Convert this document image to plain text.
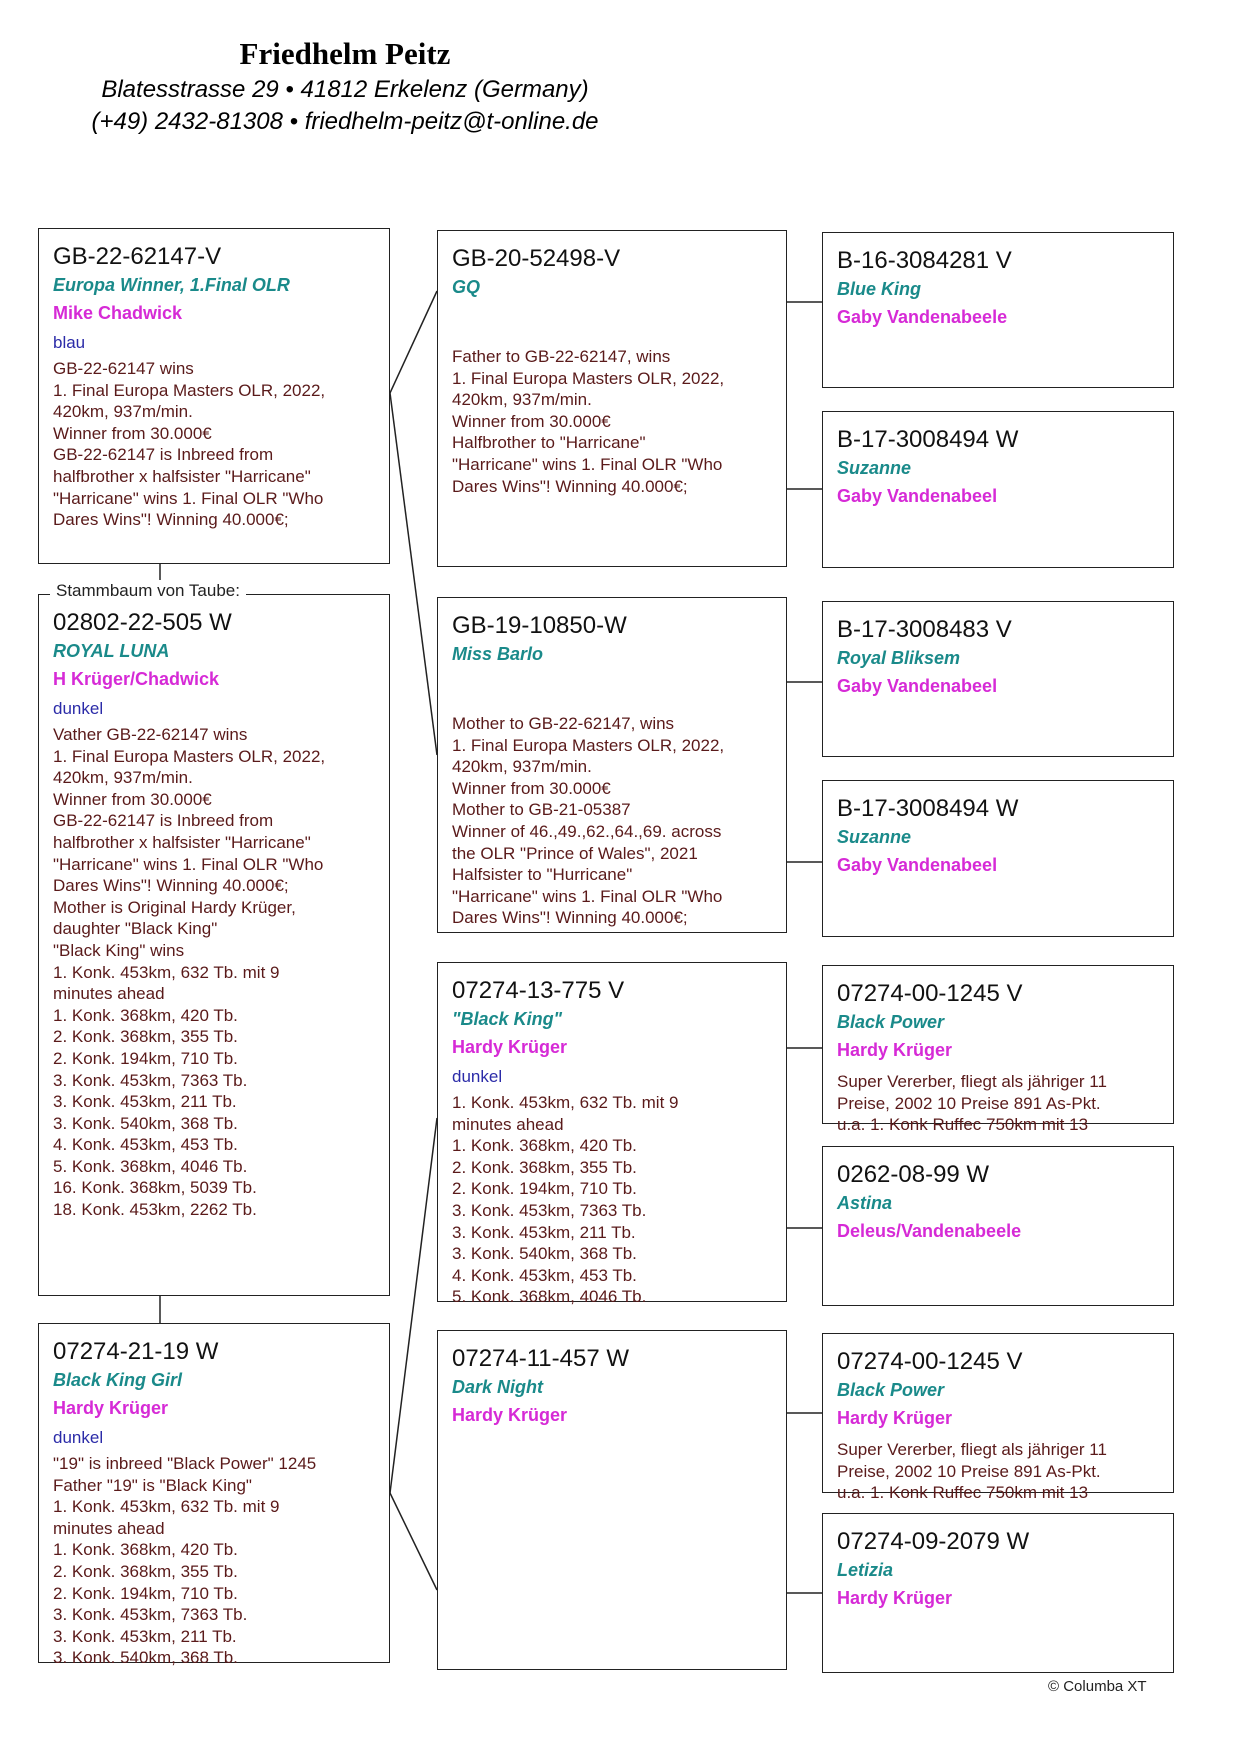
Friedhelm Peitz
Blatesstrasse 29 • 41812 Erkelenz (Germany)
(+49) 2432-81308 • friedhelm-peitz@t-online.de
GB-22-62147-V
Europa Winner, 1.Final OLR
Mike Chadwick
blau
GB-22-62147 wins
1. Final Europa Masters OLR, 2022,
420km, 937m/min.
Winner from 30.000€
GB-22-62147 is Inbreed from
halfbrother x halfsister "Harricane"
"Harricane" wins 1. Final OLR "Who
Dares Wins"! Winning 40.000€;
02802-22-505 W
ROYAL LUNA
H Krüger/Chadwick
dunkel
Vather GB-22-62147 wins
1. Final Europa Masters OLR, 2022,
420km, 937m/min.
Winner from 30.000€
GB-22-62147 is Inbreed from
halfbrother x halfsister "Harricane"
"Harricane" wins 1. Final OLR "Who
Dares Wins"! Winning 40.000€;
Mother is Original Hardy Krüger,
daughter "Black King"
"Black King" wins
1. Konk. 453km, 632 Tb. mit 9
minutes ahead
1. Konk. 368km, 420 Tb.
2. Konk. 368km, 355 Tb.
2. Konk. 194km, 710 Tb.
3. Konk. 453km, 7363 Tb.
3. Konk. 453km, 211 Tb.
3. Konk. 540km, 368 Tb.
4. Konk. 453km, 453 Tb.
5. Konk. 368km, 4046 Tb.
16. Konk. 368km, 5039 Tb.
18. Konk. 453km, 2262 Tb.
Stammbaum von Taube:
07274-21-19 W
Black King Girl
Hardy Krüger
dunkel
"19" is inbreed "Black Power" 1245
Father "19" is "Black King"
1. Konk. 453km, 632 Tb. mit 9
minutes ahead
1. Konk. 368km, 420 Tb.
2. Konk. 368km, 355 Tb.
2. Konk. 194km, 710 Tb.
3. Konk. 453km, 7363 Tb.
3. Konk. 453km, 211 Tb.
3. Konk. 540km, 368 Tb.
GB-20-52498-V
GQ
Father to GB-22-62147, wins
1. Final Europa Masters OLR, 2022,
420km, 937m/min.
Winner from 30.000€
Halfbrother to "Harricane"
"Harricane" wins 1. Final OLR "Who
Dares Wins"! Winning 40.000€;
GB-19-10850-W
Miss Barlo
Mother to GB-22-62147, wins
1. Final Europa Masters OLR, 2022,
420km, 937m/min.
Winner from 30.000€
Mother to GB-21-05387
Winner of 46.,49.,62.,64.,69. across
the OLR "Prince of Wales", 2021
Halfsister to "Hurricane"
"Harricane" wins 1. Final OLR "Who
Dares Wins"! Winning 40.000€;
07274-13-775 V
"Black King"
Hardy Krüger
dunkel
1. Konk. 453km, 632 Tb. mit 9
minutes ahead
1. Konk. 368km, 420 Tb.
2. Konk. 368km, 355 Tb.
2. Konk. 194km, 710 Tb.
3. Konk. 453km, 7363 Tb.
3. Konk. 453km, 211 Tb.
3. Konk. 540km, 368 Tb.
4. Konk. 453km, 453 Tb.
5. Konk. 368km, 4046 Tb.
07274-11-457 W
Dark Night
Hardy Krüger
B-16-3084281 V
Blue King
Gaby Vandenabeele
B-17-3008494 W
Suzanne
Gaby Vandenabeel
B-17-3008483 V
Royal Bliksem
Gaby Vandenabeel
B-17-3008494 W
Suzanne
Gaby Vandenabeel
07274-00-1245 V
Black Power
Hardy Krüger
Super Vererber, fliegt als jähriger 11
Preise, 2002 10 Preise 891 As-Pkt.
u.a. 1. Konk Ruffec 750km mit 13
0262-08-99 W
Astina
Deleus/Vandenabeele
07274-00-1245 V
Black Power
Hardy Krüger
Super Vererber, fliegt als jähriger 11
Preise, 2002 10 Preise 891 As-Pkt.
u.a. 1. Konk Ruffec 750km mit 13
07274-09-2079 W
Letizia
Hardy Krüger
© Columba XT
